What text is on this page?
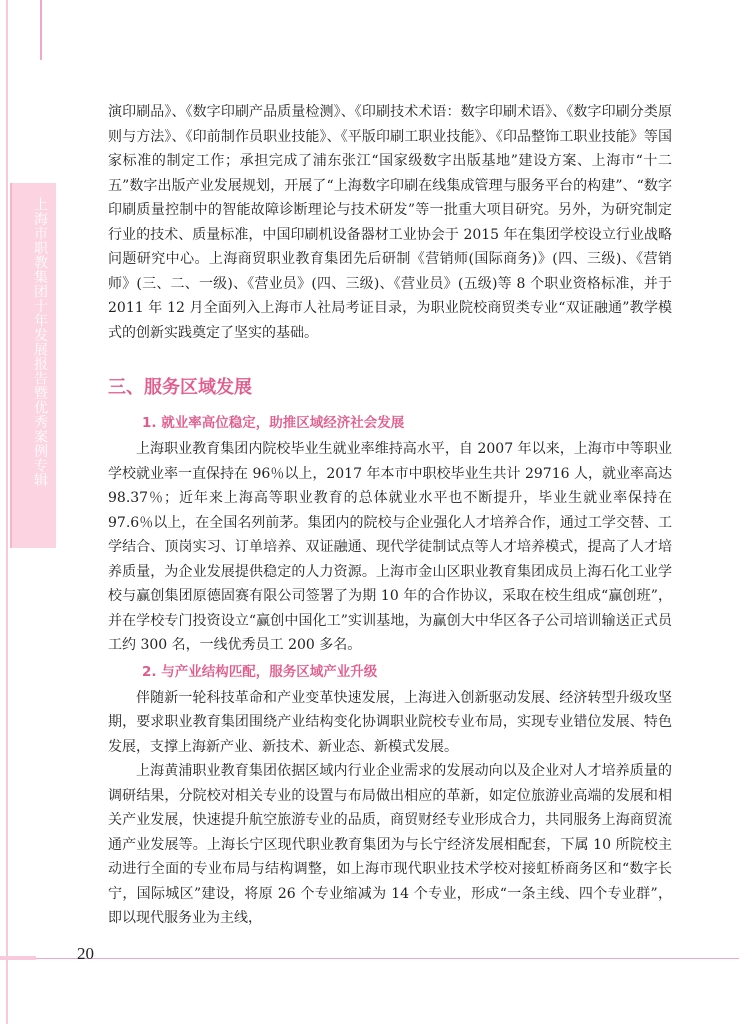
上海市职教集团十年发展报告暨优秀案例专辑

演印刷品》、《数字印刷产品质量检测》、《印刷技术术语：数字印刷术语》、《数字印刷分类原则与方法》、《印前制作员职业技能》、《平版印刷工职业技能》、《印品整饰工职业技能》等国家标准的制定工作；承担完成了浦东张江“国家级数字出版基地”建设方案、上海市“十二五”数字出版产业发展规划，开展了“上海数字印刷在线集成管理与服务平台的构建”、“数字印刷质量控制中的智能故障诊断理论与技术研发”等一批重大项目研究。另外，为研究制定行业的技术、质量标准，中国印刷机设备器材工业协会于 2015 年在集团学校设立行业战略问题研究中心。上海商贸职业教育集团先后研制《营销师(国际商务)》(四、三级)、《营销师》(三、二、一级)、《营业员》(四、三级)、《营业员》(五级)等 8 个职业资格标准，并于 2011 年 12 月全面列入上海市人社局考证目录，为职业院校商贸类专业“双证融通”教学模式的创新实践奠定了坚实的基础。

三、服务区域发展
1. 就业率高位稳定，助推区域经济社会发展

上海职业教育集团内院校毕业生就业率维持高水平，自 2007 年以来，上海市中等职业学校就业率一直保持在 96％以上，2017 年本市中职校毕业生共计 29716 人，就业率高达 98.37％；近年来上海高等职业教育的总体就业水平也不断提升，毕业生就业率保持在 97.6％以上，在全国名列前茅。集团内的院校与企业强化人才培养合作，通过工学交替、工学结合、顶岗实习、订单培养、双证融通、现代学徒制试点等人才培养模式，提高了人才培养质量，为企业发展提供稳定的人力资源。上海市金山区职业教育集团成员上海石化工业学校与赢创集团原德固赛有限公司签署了为期 10 年的合作协议，采取在校生组成“赢创班”，并在学校专门投资设立“赢创中国化工”实训基地，为赢创大中华区各子公司培训输送正式员工约 300 名，一线优秀员工 200 多名。

2. 与产业结构匹配，服务区域产业升级

伴随新一轮科技革命和产业变革快速发展，上海进入创新驱动发展、经济转型升级攻坚期，要求职业教育集团围绕产业结构变化协调职业院校专业布局，实现专业错位发展、特色发展，支撑上海新产业、新技术、新业态、新模式发展。

上海黄浦职业教育集团依据区域内行业企业需求的发展动向以及企业对人才培养质量的调研结果，分院校对相关专业的设置与布局做出相应的革新，如定位旅游业高端的发展和相关产业发展，快速提升航空旅游专业的品质，商贸财经专业形成合力，共同服务上海商贸流通产业发展等。上海长宁区现代职业教育集团为与长宁经济发展相配套，下属 10 所院校主动进行全面的专业布局与结构调整，如上海市现代职业技术学校对接虹桥商务区和“数字长宁，国际城区”建设，将原 26 个专业缩减为 14 个专业，形成“一条主线、四个专业群”，即以现代服务业为主线，

20
